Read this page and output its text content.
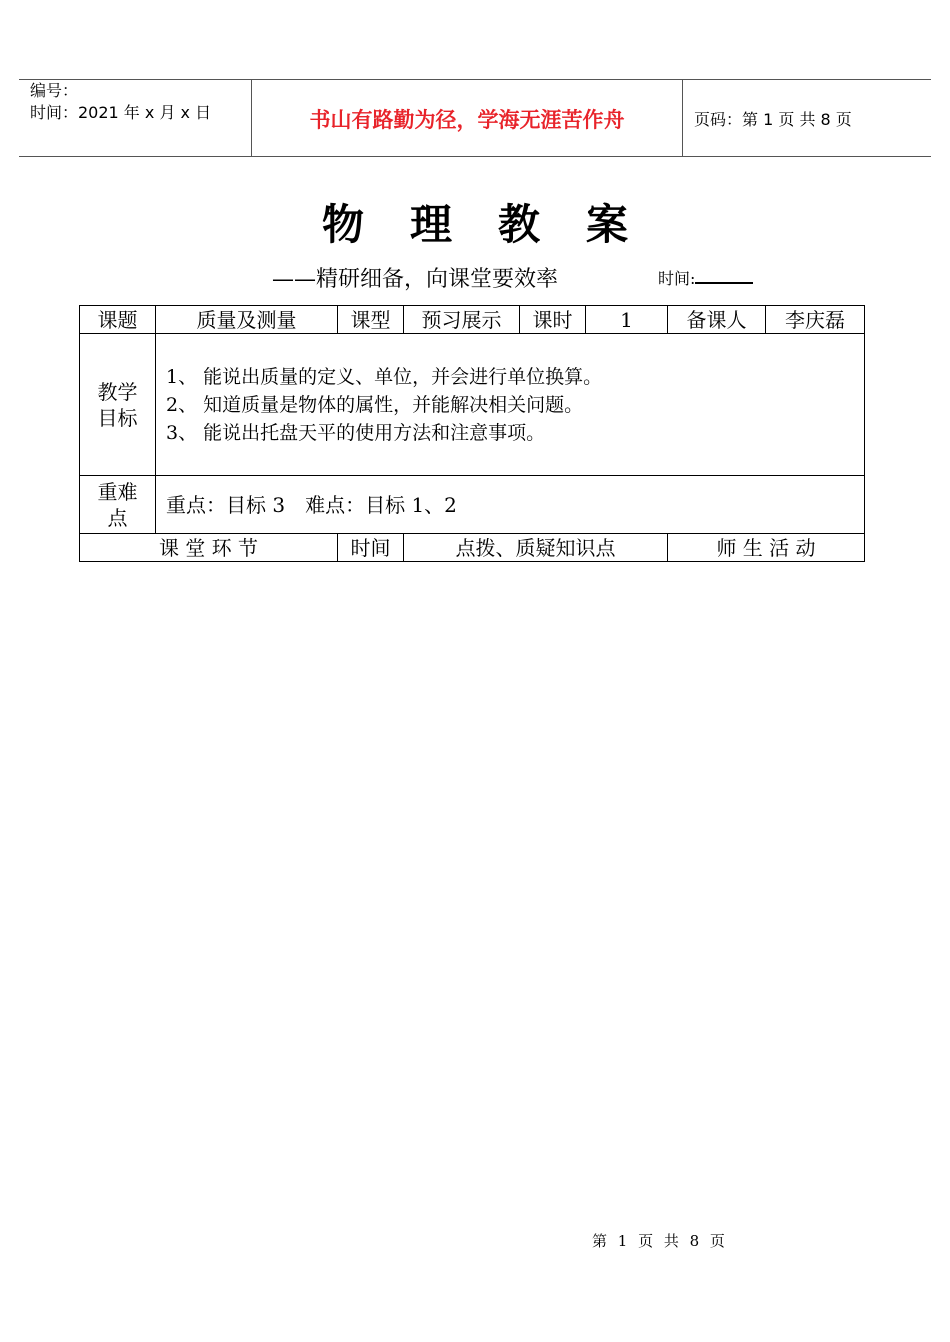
编号：
时间：2021 年 x 月 x 日	书山有路勤为径，学海无涯苦作舟	页码：第 1 页 共 8 页
物理教案
——精研细备，向课堂要效率	时间:
课题	质量及测量	课型	预习展示	课时	1	备课人	李庆磊
教学目标	1、 能说出质量的定义、单位，并会进行单位换算。
2、 知道质量是物体的属性，并能解决相关问题。
3、 能说出托盘天平的使用方法和注意事项。						

重难点	重点：目标 3　难点：目标 1、2						
课 堂 环 节		时间	点拨、质疑知识点			师 生 活 动	
第 1 页 共 8 页
